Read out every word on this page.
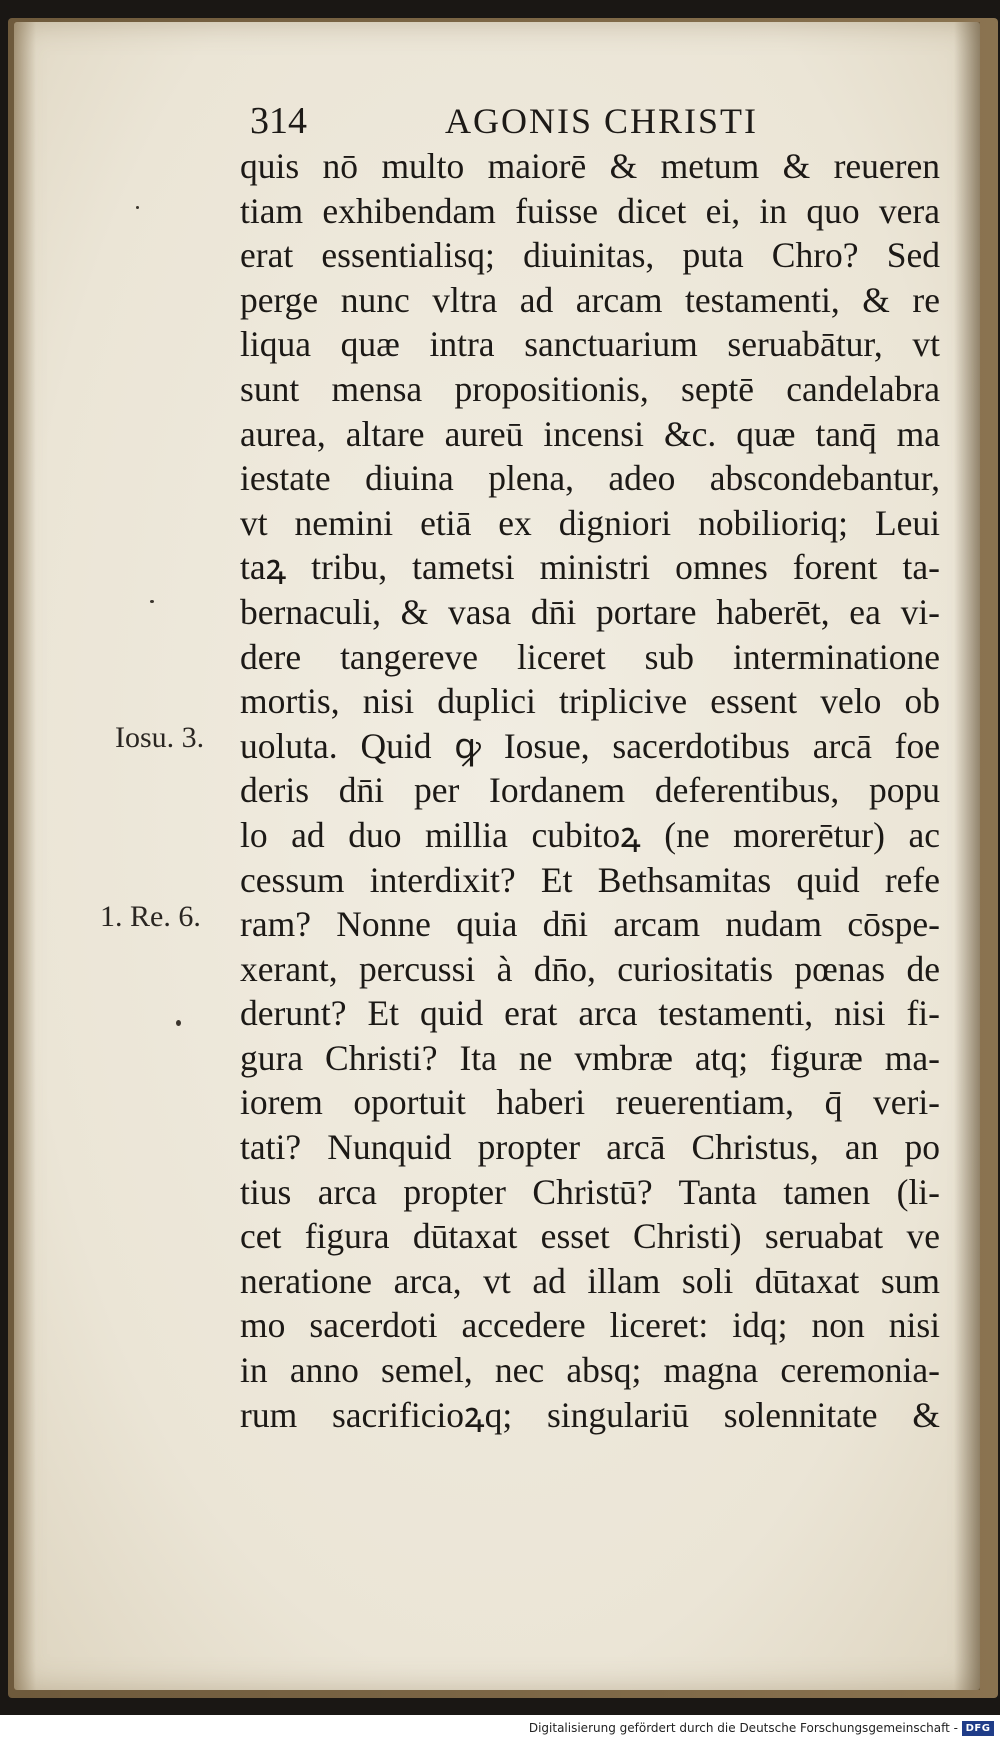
314	AGONIS CHRISTI
quis nō multo maiorē & metum & reueren
tiam exhibendam fuisse dicet ei, in quo vera
erat essentialisq; diuinitas, puta Chro? Sed
perge nunc vltra ad arcam testamenti, & re
liqua quæ intra sanctuarium seruabātur, vt
sunt mensa propositionis, septē candelabra
aurea, altare aureū incensi &c. quæ tanq̄ ma
iestate diuina plena, adeo abscondebantur,
vt nemini etiā ex digniori nobilioriq; Leui
taꝝ tribu, tametsi ministri omnes forent ta-
bernaculi, & vasa dn̄i portare haberēt, ea vi-
dere tangereve liceret sub interminatione
mortis, nisi duplici triplicive essent velo ob
uoluta. Quid ꝙ Iosue, sacerdotibus arcā foe
deris dn̄i per Iordanem deferentibus, popu
lo ad duo millia cubitoꝝ (ne morerētur) ac
cessum interdixit? Et Bethsamitas quid refe
ram? Nonne quia dn̄i arcam nudam cōspe-
xerant, percussi à dn̄o, curiositatis pœnas de
derunt? Et quid erat arca testamenti, nisi fi-
gura Christi? Ita ne vmbræ atq; figuræ ma-
iorem oportuit haberi reuerentiam, q̄ veri-
tati? Nunquid propter arcā Christus, an po
tius arca propter Christū? Tanta tamen (li-
cet figura dūtaxat esset Christi) seruabat ve
neratione arca, vt ad illam soli dūtaxat sum
mo sacerdoti accedere liceret: idq; non nisi
in anno semel, nec absq; magna ceremonia-
rum sacrificioꝝq; singulariū solennitate &
Iosu. 3.
1. Re. 6.
Digitalisierung gefördert durch die Deutsche Forschungsgemeinschaft - DFG
